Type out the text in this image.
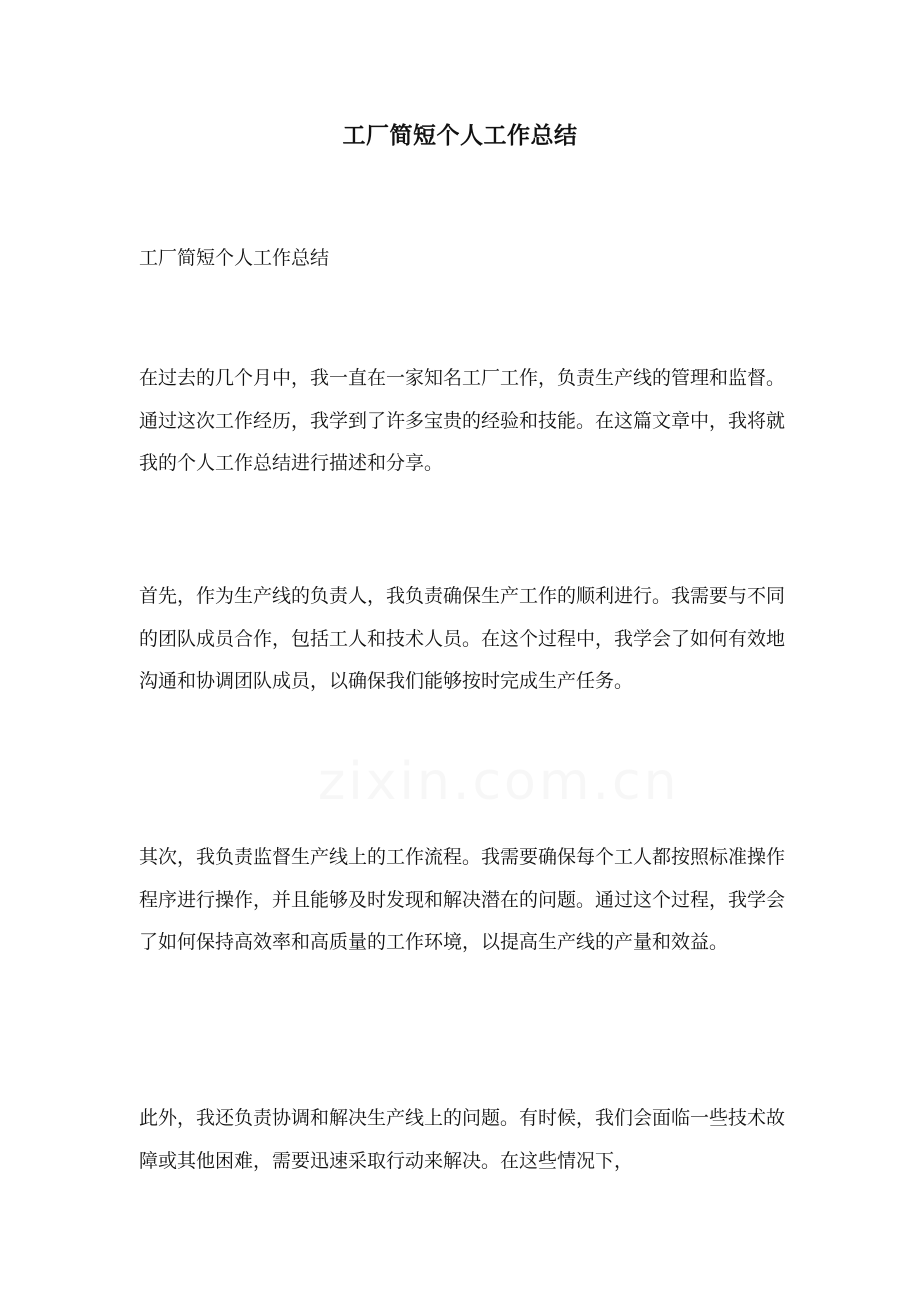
zixin.com.cn
工厂简短个人工作总结
工厂简短个人工作总结

在过去的几个月中，我一直在一家知名工厂工作，负责生产线的管理和监督。通过这次工作经历，我学到了许多宝贵的经验和技能。在这篇文章中，我将就我的个人工作总结进行描述和分享。

首先，作为生产线的负责人，我负责确保生产工作的顺利进行。我需要与不同的团队成员合作，包括工人和技术人员。在这个过程中，我学会了如何有效地沟通和协调团队成员，以确保我们能够按时完成生产任务。

其次，我负责监督生产线上的工作流程。我需要确保每个工人都按照标准操作程序进行操作，并且能够及时发现和解决潜在的问题。通过这个过程，我学会了如何保持高效率和高质量的工作环境，以提高生产线的产量和效益。

此外，我还负责协调和解决生产线上的问题。有时候，我们会面临一些技术故障或其他困难，需要迅速采取行动来解决。在这些情况下，
